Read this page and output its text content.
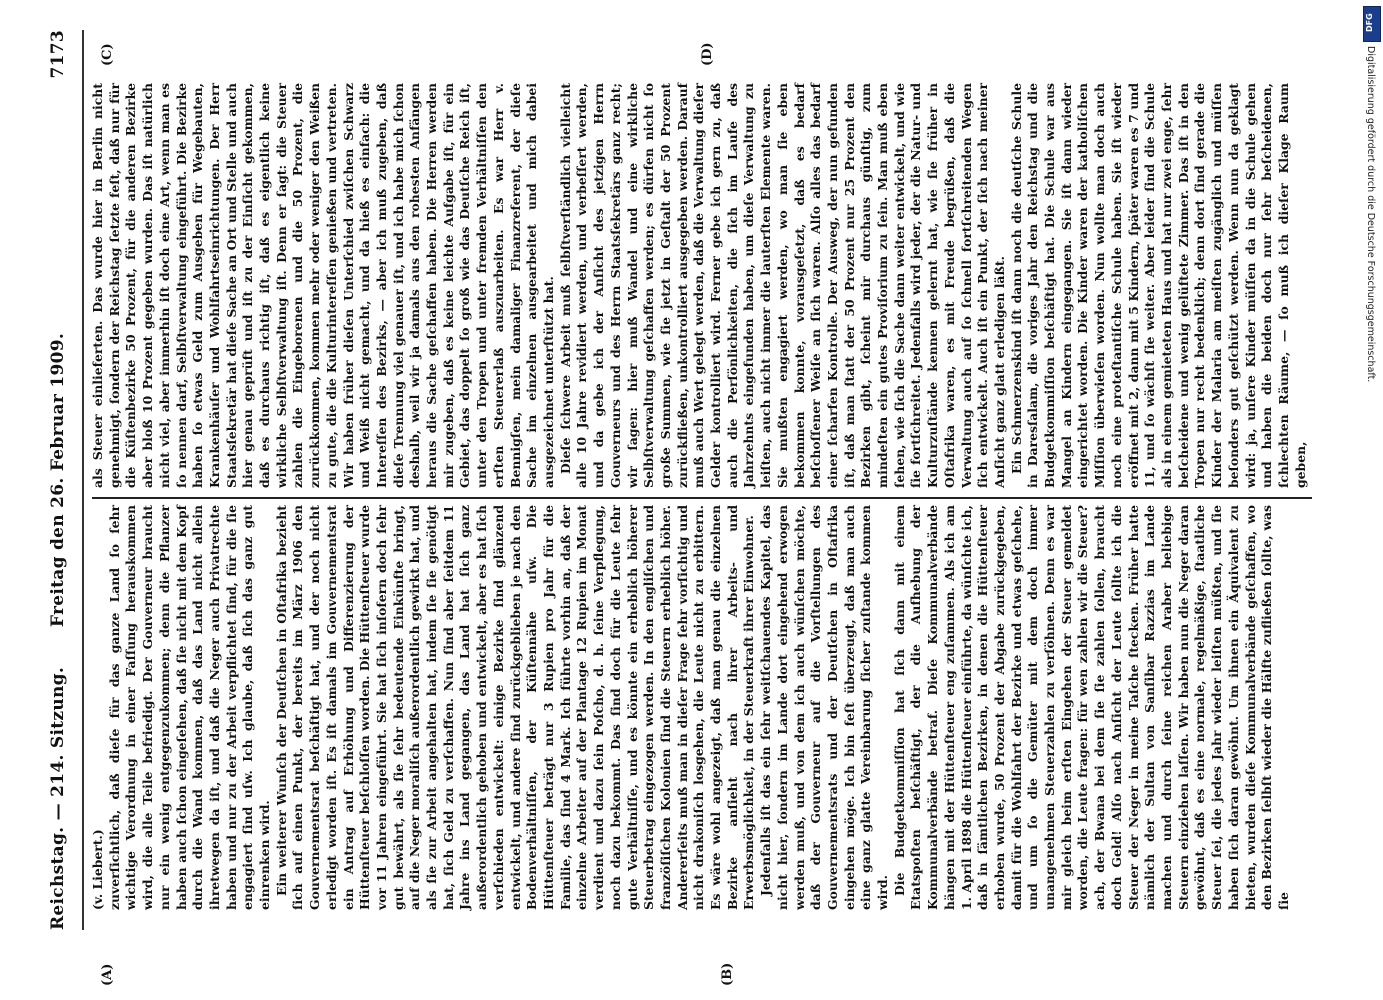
Reichstag. — 214. Sitzung.
Freitag den 26. Februar 1909.
7173
(A)	(B)
(C)	(D)

(v. Liebert.) zuverſichtlich, daß dieſe für das ganze Land ſo ſehr wichtige Verordnung in einer Faſſung herauskommen wird, die alle Teile befriedigt. Der Gouverneur braucht nur ein wenig entgegenzukommen; denn die Pflanzer haben auch ſchon eingeſehen, daß ſie nicht mit dem Kopf durch die Wand kommen, daß das Land nicht allein ihretwegen da iſt, und daß die Neger auch Privatrechte haben und nur zu der Arbeit verpflichtet ſind, für die ſie engagiert ſind uſw. Ich glaube, daß ſich das ganz gut einrenken wird. Ein weiterer Wunſch der Deutſchen in Oſtafrika bezieht ſich auf einen Punkt, der bereits im März 1906 den Gouvernementsrat beſchäftigt hat, und der noch nicht erledigt worden iſt. Es iſt damals im Gouvernementsrat ein Antrag auf Erhöhung und Differenzierung der Hüttenſteuer beſchloſſen worden. Die Hüttenſteuer wurde vor 11 Jahren eingeführt. Sie hat ſich inſofern doch ſehr gut bewährt, als ſie ſehr bedeutende Einkünfte bringt, auf die Neger moraliſch außerordentlich gewirkt hat, und als ſie zur Arbeit angehalten hat, indem ſie ſie genötigt hat, ſich Geld zu verſchaffen. Nun ſind aber ſeitdem 11 Jahre ins Land gegangen, das Land hat ſich ganz außerordentlich gehoben und entwickelt, aber es hat ſich verſchieden entwickelt: einige Bezirke ſind glänzend entwickelt, und andere ſind zurückgeblieben je nach den Bodenverhältniſſen, der Küſtennähe uſw. Die Hüttenſteuer beträgt nur 3 Rupien pro Jahr für die Familie, das ſind 4 Mark. Ich führte vorhin an, daß der einzelne Arbeiter auf der Plantage 12 Rupien im Monat verdient und dazu ſein Poſcho, d. h. ſeine Verpflegung, noch dazu bekommt. Das ſind doch für die Leute ſehr gute Verhältniſſe, und es könnte ein erheblich höherer Steuerbetrag eingezogen werden. In den engliſchen und franzöſiſchen Kolonien ſind die Steuern erheblich höher. Andererſeits muß man in dieſer Frage ſehr vorſichtig und nicht drakoniſch losgehen, die Leute nicht zu erbittern. Es wäre wohl angezeigt, daß man genau die einzelnen Bezirke anſieht nach ihrer Arbeits- und Erwerbsmöglichkeit, in der Steuerkraft ihrer Einwohner. Jedenfalls iſt das ein ſehr weitſchauendes Kapitel, das nicht hier, ſondern im Lande dort eingehend erwogen werden muß, und von dem ich auch wünſchen möchte, daß der Gouverneur auf die Vorſtellungen des Gouvernementsrats und der Deutſchen in Oſtafrika eingehen möge. Ich bin feſt überzeugt, daß man auch eine ganz glatte Vereinbarung ſicher zuſtande kommen wird. Die Budgetkommiſſion hat ſich dann mit einem Etatspoſten beſchäftigt, der die Aufhebung der Kommunalverbände betraf. Dieſe Kommunalverbände hängen mit der Hüttenſteuer eng zuſammen. Als ich am 1. April 1898 die Hüttenſteuer einführte, da wünſchte ich, daß in ſämtlichen Bezirken, in denen die Hüttenſteuer erhoben wurde, 50 Prozent der Abgabe zurückgegeben, damit für die Wohlfahrt der Bezirke und etwas geſchehe, und um ſo die Gemüter mit dem doch immer unangenehmen Steuerzahlen zu verſöhnen. Denn es war mir gleich beim erſten Eingehen der Steuer gemeldet worden, die Leute fragen: für wen zahlen wir die Steuer? ach, der Bwana bei dem ſie ſie zahlen ſollen, braucht doch Geld! Alſo nach Anſicht der Leute ſollte ich die Steuer der Neger in meine Taſche ſtecken. Früher hatte nämlich der Sultan von Sanſibar Razzias im Lande machen und durch ſeine reichen Araber beliebige Steuern einziehen laſſen. Wir haben nun die Neger daran gewöhnt, daß es eine normale, regelmäßige, ſtaatliche Steuer ſei, die jedes Jahr wieder leiſten müßten, und ſie haben ſich daran gewöhnt. Um ihnen ein Äquivalent zu bieten, wurden dieſe Kommunalverbände geſchaffen, wo den Bezirken ſelbſt wieder die Hälfte zufließen ſollte, was ſie

als Steuer einlieferten. Das wurde hier in Berlin nicht genehmigt, ſondern der Reichstag ſetzte feſt, daß nur für die Küſtenbezirke 50 Prozent, für die anderen Bezirke aber bloß 10 Prozent gegeben wurden. Das iſt natürlich nicht viel, aber immerhin iſt doch eine Art, wenn man es ſo nennen darf, Selbſtverwaltung eingeführt. Die Bezirke haben ſo etwas Geld zum Ausgeben für Wegebauten, Krankenhäuſer und Wohlfahrtseinrichtungen. Der Herr Staatsſekretär hat dieſe Sache an Ort und Stelle und auch hier genau geprüft und iſt zu der Einſicht gekommen, daß es durchaus richtig iſt, daß es eigentlich keine wirkliche Selbſtverwaltung iſt. Denn er ſagt: die Steuer zahlen die Eingeborenen und die 50 Prozent, die zurückkommen, kommen mehr oder weniger den Weißen zu gute, die die Kulturintereſſen genießen und vertreten. Wir haben früher dieſen Unterſchied zwiſchen Schwarz und Weiß nicht gemacht, und da hieß es einfach: die Intereſſen des Bezirks, — aber ich muß zugeben, daß dieſe Trennung viel genauer iſt, und ich habe mich ſchon deshalb, weil wir ja damals aus den rohesten Anfängen heraus die Sache geſchaffen haben. Die Herren werden mir zugeben, daß es keine leichte Aufgabe iſt, für ein Gebiet, das doppelt ſo groß wie das Deutſche Reich iſt, unter den Tropen und unter fremden Verhältniſſen den erſten Steuererlaß auszuarbeiten. Es war Herr v. Bennigſen, mein damaliger Finanzreferent, der dieſe Sache im einzelnen ausgearbeitet und mich dabei ausgezeichnet unterſtützt hat. Dieſe ſchwere Arbeit muß ſelbſtverſtändlich vielleicht alle 10 Jahre revidiert werden, und verbeſſert werden, und da gebe ich der Anſicht des jetzigen Herrn Gouverneurs und des Herrn Staatsſekretärs ganz recht; wir ſagen: hier muß Wandel und eine wirkliche Selbſtverwaltung geſchaffen werden; es dürfen nicht ſo große Summen, wie ſie jetzt in Geſtalt der 50 Prozent zurückfließen, unkontrolliert ausgegeben werden. Darauf muß auch Wert gelegt werden, daß die Verwaltung dieſer Gelder kontrolliert wird. Ferner gebe ich gern zu, daß auch die Perſönlichkeiten, die ſich im Laufe des Jahrzehnts eingefunden haben, um dieſe Verwaltung zu leiſten, auch nicht immer die lauterſten Elemente waren. Sie mußten engagiert werden, wo man ſie eben bekommen konnte, vorausgeſetzt, daß es bedarf beſchoſſener Weiſe an ſich waren. Alſo alles das bedarf einer ſcharfen Kontrolle. Der Ausweg, der nun gefunden iſt, daß man ſtatt der 50 Prozent nur 25 Prozent den Bezirken gibt, ſcheint mir durchaus günſtig, zum mindeſten ein gutes Proviſorium zu ſein. Man muß eben ſehen, wie ſich die Sache dann weiter entwickelt, und wie ſie fortſchreitet. Jedenfalls wird jeder, der die Natur- und Kulturzuſtände kennen gelernt hat, wie ſie früher in Oſtafrika waren, es mit Freude begrüßen, daß die Verwaltung auch auf ſo ſchnell fortſchreitenden Wegen ſich entwickelt. Auch iſt ein Punkt, der ſich nach meiner Anſicht ganz glatt erledigen läßt. Ein Schmerzenskind iſt dann noch die deutſche Schule in Daresſalam, die voriges Jahr den Reichstag und die Budgetkommiſſion beſchäftigt hat. Die Schule war aus Mangel an Kindern eingegangen. Sie iſt dann wieder eingerichtet worden. Die Kinder waren der katholiſchen Miſſion überwieſen worden. Nun wollte man doch auch noch eine proteſtantiſche Schule haben. Sie iſt wieder eröffnet mit 2, dann mit 5 Kindern, ſpäter waren es 7 und 11, und ſo wächſt ſie weiter. Aber leider ſind die Schule als in einem gemieteten Haus und hat nur zwei enge, ſehr beſcheidene und wenig gelüftete Zimmer. Das iſt in den Tropen nur recht bedenklich; denn dort ſind gerade die Kinder der Malaria am meiſten zugänglich und müſſen beſonders gut geſchützt werden. Wenn nun da geklagt wird: ja, unſere Kinder müſſen da in die Schule gehen und haben die beiden doch nur ſehr beſcheidenen, ſchlechten Räume, — ſo muß ich dieſer Klage Raum geben,

DFG
Digitalisierung gefördert durch die Deutsche Forschungsgemeinschaft.
